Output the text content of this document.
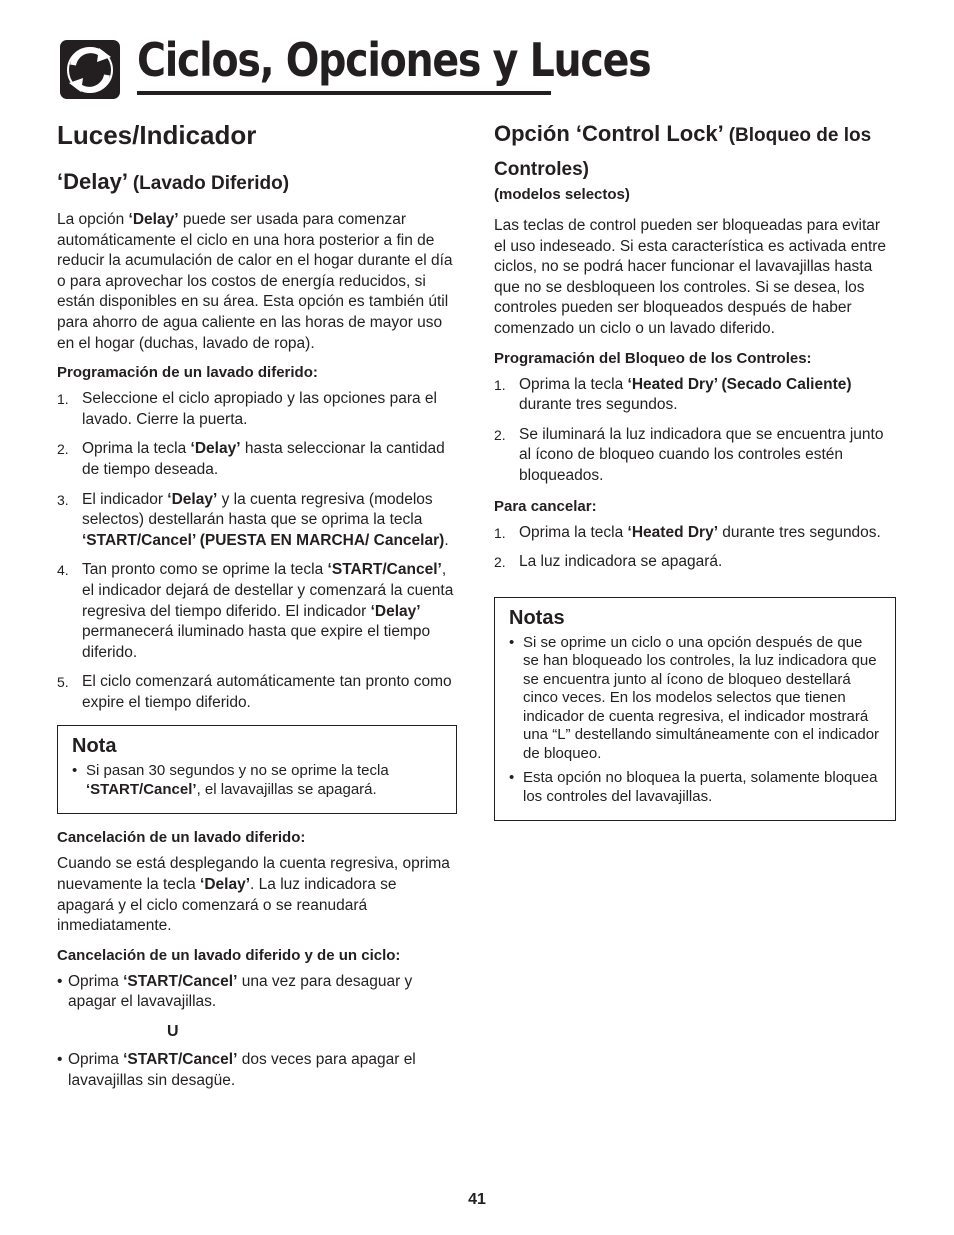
Ciclos, Opciones y Luces
Luces/Indicador
‘Delay’ (Lavado Diferido)

La opción ‘Delay’ puede ser usada para comenzar automáticamente el ciclo en una hora posterior a fin de reducir la acumulación de calor en el hogar durante el día o para aprovechar los costos de energía reducidos, si están disponibles en su área. Esta opción es también útil para ahorro de agua caliente en las horas de mayor uso en el hogar (duchas, lavado de ropa).

Programación de un lavado diferido:
1. Seleccione el ciclo apropiado y las opciones para el lavado. Cierre la puerta.
2. Oprima la tecla ‘Delay’ hasta seleccionar la cantidad de tiempo deseada.
3. El indicador ‘Delay’ y la cuenta regresiva (modelos selectos) destellarán hasta que se oprima la tecla ‘START/Cancel’ (PUESTA EN MARCHA/ Cancelar).
4. Tan pronto como se oprime la tecla ‘START/Cancel’, el indicador dejará de destellar y comenzará la cuenta regresiva del tiempo diferido. El indicador ‘Delay’ permanecerá iluminado hasta que expire el tiempo diferido.
5. El ciclo comenzará automáticamente tan pronto como expire el tiempo diferido.
Nota
• Si pasan 30 segundos y no se oprime la tecla ‘START/Cancel’, el lavavajillas se apagará.
Cancelación de un lavado diferido:

Cuando se está desplegando la cuenta regresiva, oprima nuevamente la tecla ‘Delay’. La luz indicadora se apagará y el ciclo comenzará o se reanudará inmediatamente.

Cancelación de un lavado diferido y de un ciclo:
• Oprima ‘START/Cancel’ una vez para desaguar y apagar el lavavajillas.
U
• Oprima ‘START/Cancel’ dos veces para apagar el lavavajillas sin desagüe.
Opción ‘Control Lock’ (Bloqueo de los Controles)
(modelos selectos)

Las teclas de control pueden ser bloqueadas para evitar el uso indeseado. Si esta característica es activada entre ciclos, no se podrá hacer funcionar el lavavajillas hasta que no se desbloqueen los controles. Si se desea, los controles pueden ser bloqueados después de haber comenzado un ciclo o un lavado diferido.

Programación del Bloqueo de los Controles:
1. Oprima la tecla ‘Heated Dry’ (Secado Caliente) durante tres segundos.
2. Se iluminará la luz indicadora que se encuentra junto al ícono de bloqueo cuando los controles estén bloqueados.
Para cancelar:
1. Oprima la tecla ‘Heated Dry’ durante tres segundos.
2. La luz indicadora se apagará.
Notas
• Si se oprime un ciclo o una opción después de que se han bloqueado los controles, la luz indicadora que se encuentra junto al ícono de bloqueo destellará cinco veces. En los modelos selectos que tienen indicador de cuenta regresiva, el indicador mostrará una “L” destellando simultáneamente con el indicador de bloqueo.
• Esta opción no bloquea la puerta, solamente bloquea los controles del lavavajillas.
41
